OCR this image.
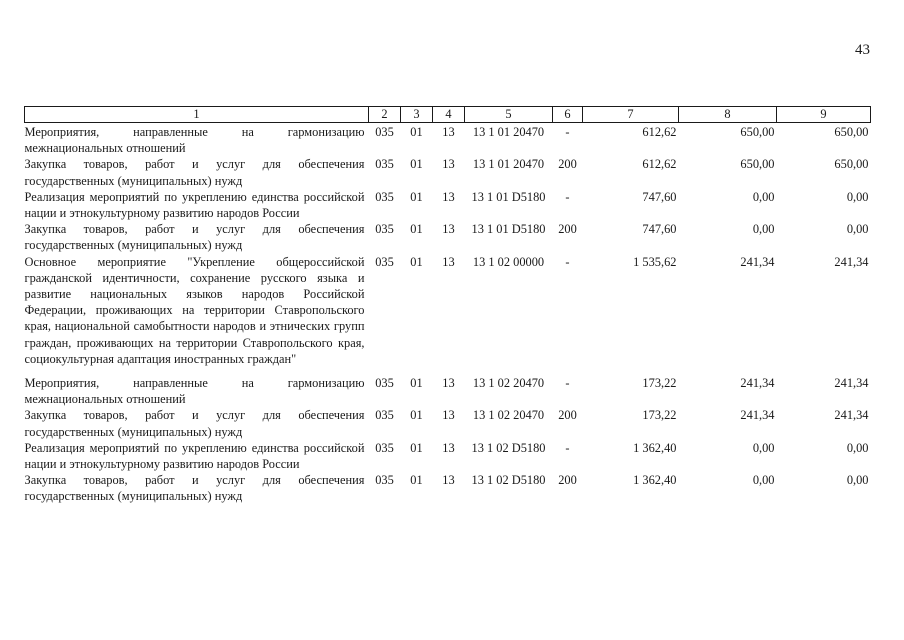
43
1	2	3	4	5	6	7	8	9
Мероприятия, направленные на гармонизацию межнациональных отношений	035	01	13	13 1 01 20470	-	612,62	650,00	650,00
Закупка товаров, работ и услуг для обеспечения государственных (муниципальных) нужд	035	01	13	13 1 01 20470	200	612,62	650,00	650,00
Реализация мероприятий по укреплению единства российской нации и этнокультурному развитию народов России	035	01	13	13 1 01 D5180	-	747,60	0,00	0,00
Закупка товаров, работ и услуг для обеспечения государственных (муниципальных) нужд	035	01	13	13 1 01 D5180	200	747,60	0,00	0,00
Основное мероприятие "Укрепление общероссийской гражданской идентичности, сохранение русского языка и развитие национальных языков народов Российской Федерации, проживающих на территории Ставропольского края, национальной самобытности народов и этнических групп граждан, проживающих на территории Ставропольского края, социокультурная адаптация иностранных граждан"	035	01	13	13 1 02 00000	-	1 535,62	241,34	241,34
Мероприятия, направленные на гармонизацию межнациональных отношений	035	01	13	13 1 02 20470	-	173,22	241,34	241,34
Закупка товаров, работ и услуг для обеспечения государственных (муниципальных) нужд	035	01	13	13 1 02 20470	200	173,22	241,34	241,34
Реализация мероприятий по укреплению единства российской нации и этнокультурному развитию народов России	035	01	13	13 1 02 D5180	-	1 362,40	0,00	0,00
Закупка товаров, работ и услуг для обеспечения государственных (муниципальных) нужд	035	01	13	13 1 02 D5180	200	1 362,40	0,00	0,00
